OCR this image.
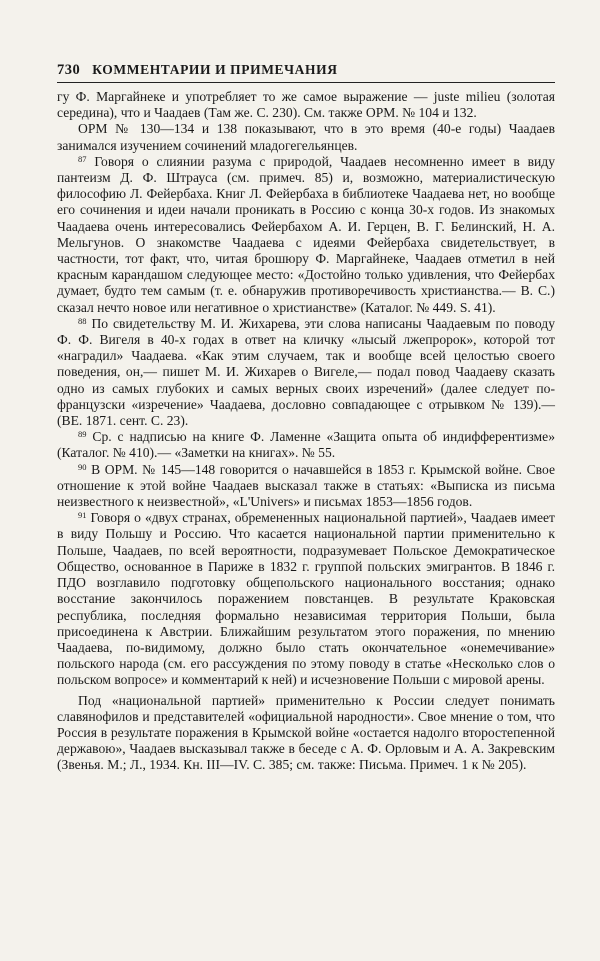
730 КОММЕНТАРИИ И ПРИМЕЧАНИЯ

гу Ф. Маргайнеке и употребляет то же самое выражение — juste milieu (золотая середина), что и Чаадаев (Там же. С. 230). См. также ОРМ. № 104 и 132.

ОРМ № 130—134 и 138 показывают, что в это время (40-е годы) Чаадаев занимался изучением сочинений младогегельянцев.

$^{87}$ Говоря о слиянии разума с природой, Чаадаев несомненно имеет в виду пантеизм Д. Ф. Штрауса (см. примеч. 85) и, возможно, материалистическую философию Л. Фейербаха. Книг Л. Фейербаха в библиотеке Чаадаева нет, но вообще его сочинения и идеи начали проникать в Россию с конца 30-х годов. Из знакомых Чаадаева очень интересовались Фейербахом А. И. Герцен, В. Г. Белинский, Н. А. Мельгунов. О знакомстве Чаадаева с идеями Фейербаха свидетельствует, в частности, тот факт, что, читая брошюру Ф. Маргайнеке, Чаадаев отметил в ней красным карандашом следующее место: «Достойно только удивления, что Фейербах думает, будто тем самым (т. е. обнаружив противоречивость христианства.— В. С.) сказал нечто новое или негативное о христианстве» (Каталог. № 449. S. 41).

$^{88}$ По свидетельству М. И. Жихарева, эти слова написаны Чаадаевым по поводу Ф. Ф. Вигеля в 40-х годах в ответ на кличку «лысый лжепророк», которой тот «наградил» Чаадаева. «Как этим случаем, так и вообще всей целостью своего поведения, он,— пишет М. И. Жихарев о Вигеле,— подал повод Чаадаеву сказать одно из самых глубоких и самых верных своих изречений» (далее следует по-французски «изречение» Чаадаева, дословно совпадающее с отрывком № 139).— (ВЕ. 1871. сент. С. 23).

$^{89}$ Ср. с надписью на книге Ф. Ламенне «Защита опыта об индифферентизме» (Каталог. № 410).— «Заметки на книгах». № 55.

$^{90}$ В ОРМ. № 145—148 говорится о начавшейся в 1853 г. Крымской войне. Свое отношение к этой войне Чаадаев высказал также в статьях: «Выписка из письма неизвестного к неизвестной», «L'Univers» и письмах 1853—1856 годов.

$^{91}$ Говоря о «двух странах, обремененных национальной партией», Чаадаев имеет в виду Польшу и Россию. Что касается национальной партии применительно к Польше, Чаадаев, по всей вероятности, подразумевает Польское Демократическое Общество, основанное в Париже в 1832 г. группой польских эмигрантов. В 1846 г. ПДО возглавило подготовку общепольского национального восстания; однако восстание закончилось поражением повстанцев. В результате Краковская республика, последняя формально независимая территория Польши, была присоединена к Австрии. Ближайшим результатом этого поражения, по мнению Чаадаева, по-видимому, должно было стать окончательное «онемечивание» польского народа (см. его рассуждения по этому поводу в статье «Несколько слов о польском вопросе» и комментарий к ней) и исчезновение Польши с мировой арены.

Под «национальной партией» применительно к России следует понимать славянофилов и представителей «официальной народности». Свое мнение о том, что Россия в результате поражения в Крымской войне «остается надолго второстепенной державою», Чаадаев высказывал также в беседе с А. Ф. Орловым и А. А. Закревским (Звенья. М.; Л., 1934. Кн. III—IV. С. 385; см. также: Письма. Примеч. 1 к № 205).
